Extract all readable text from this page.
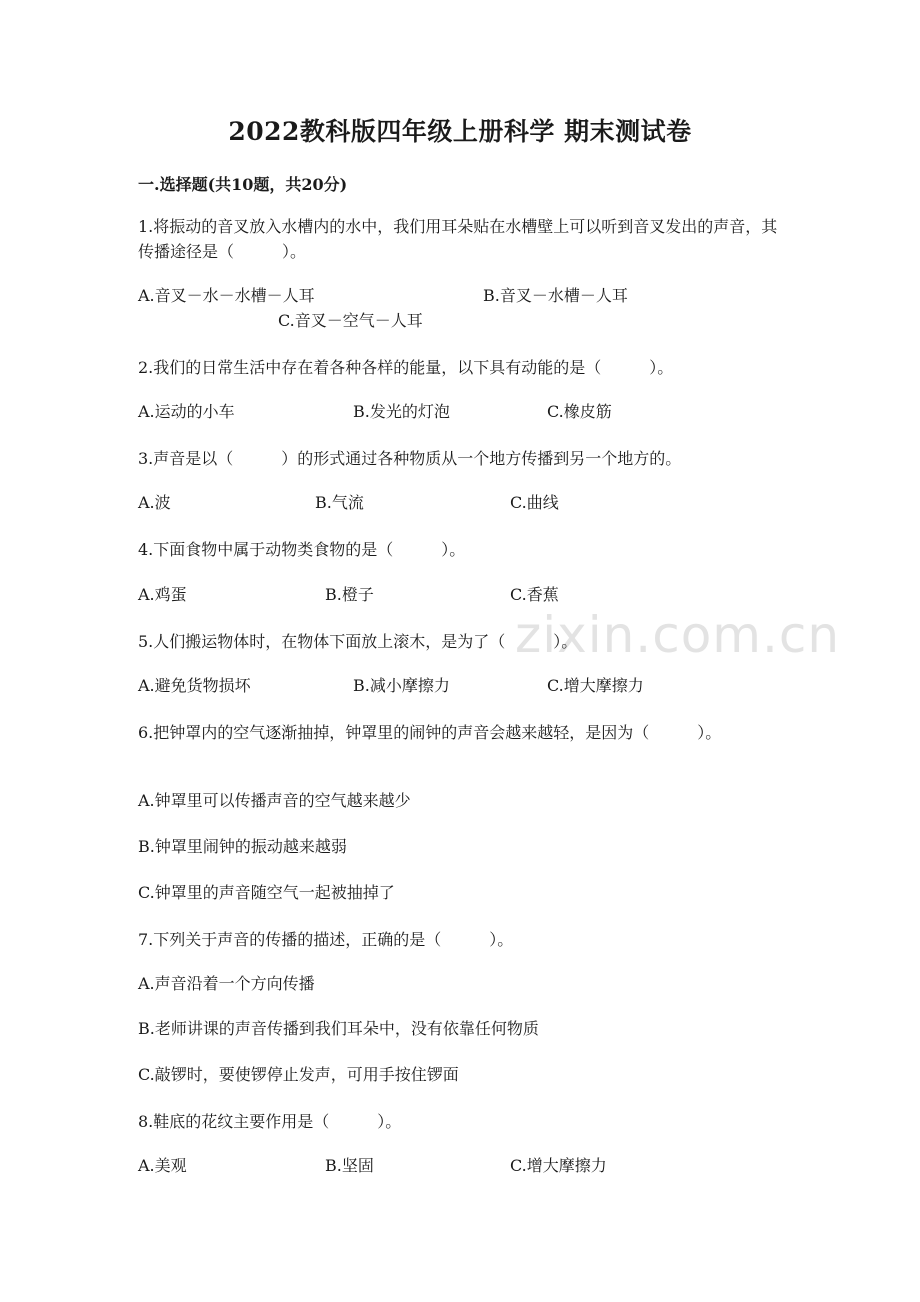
zixin.com.cn
2022教科版四年级上册科学 期末测试卷
一.选择题(共10题，共20分)
1.将振动的音叉放入水槽内的水中，我们用耳朵贴在水槽壁上可以听到音叉发出的声音，其传播途径是（　　　）。
A.音叉－水－水槽－人耳	B.音叉－水槽－人耳
C.音叉－空气－人耳
2.我们的日常生活中存在着各种各样的能量，以下具有动能的是（　　　）。
A.运动的小车	B.发光的灯泡	C.橡皮筋
3.声音是以（　　　）的形式通过各种物质从一个地方传播到另一个地方的。
A.波	B.气流	C.曲线
4.下面食物中属于动物类食物的是（　　　）。
A.鸡蛋	B.橙子	C.香蕉
5.人们搬运物体时，在物体下面放上滚木，是为了（　　　）。
A.避免货物损坏	B.减小摩擦力	C.增大摩擦力
6.把钟罩内的空气逐渐抽掉，钟罩里的闹钟的声音会越来越轻，是因为（　　　）。
A.钟罩里可以传播声音的空气越来越少
B.钟罩里闹钟的振动越来越弱
C.钟罩里的声音随空气一起被抽掉了
7.下列关于声音的传播的描述，正确的是（　　　）。
A.声音沿着一个方向传播
B.老师讲课的声音传播到我们耳朵中，没有依靠任何物质
C.敲锣时，要使锣停止发声，可用手按住锣面
8.鞋底的花纹主要作用是（　　　）。
A.美观	B.坚固	C.增大摩擦力
